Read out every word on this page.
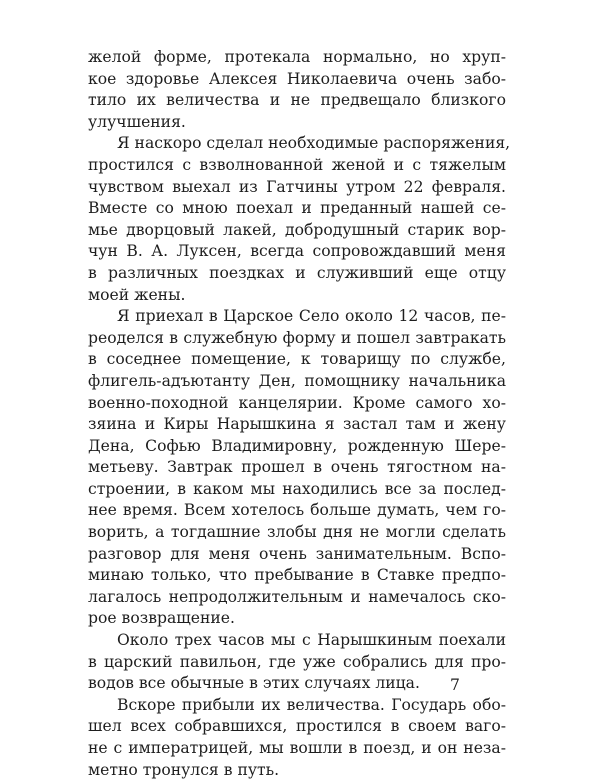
желой форме, протекала нормально, но хруп-
кое здоровье Алексея Николаевича очень забо-
тило их величества и не предвещало близкого
улучшения.
Я наскоро сделал необходимые распоряжения,
простился с взволнованной женой и с тяжелым
чувством выехал из Гатчины утром 22 февраля.
Вместе со мною поехал и преданный нашей се-
мье дворцовый лакей, добродушный старик вор-
чун В. А. Луксен, всегда сопровождавший меня
в различных поездках и служивший еще отцу
моей жены.
Я приехал в Царское Село около 12 часов, пе-
реоделся в служебную форму и пошел завтракать
в соседнее помещение, к товарищу по службе,
флигель-адъютанту Ден, помощнику начальника
военно-походной канцелярии. Кроме самого хо-
зяина и Киры Нарышкина я застал там и жену
Дена, Софью Владимировну, рожденную Шере-
метьеву. Завтрак прошел в очень тягостном на-
строении, в каком мы находились все за послед-
нее время. Всем хотелось больше думать, чем го-
ворить, а тогдашние злобы дня не могли сделать
разговор для меня очень занимательным. Вспо-
минаю только, что пребывание в Ставке предпо-
лагалось непродолжительным и намечалось ско-
рое возвращение.
Около трех часов мы с Нарышкиным поехали
в царский павильон, где уже собрались для про-
водов все обычные в этих случаях лица.
Вскоре прибыли их величества. Государь обо-
шел всех собравшихся, простился в своем ваго-
не с императрицей, мы вошли в поезд, и он неза-
метно тронулся в путь.
7
